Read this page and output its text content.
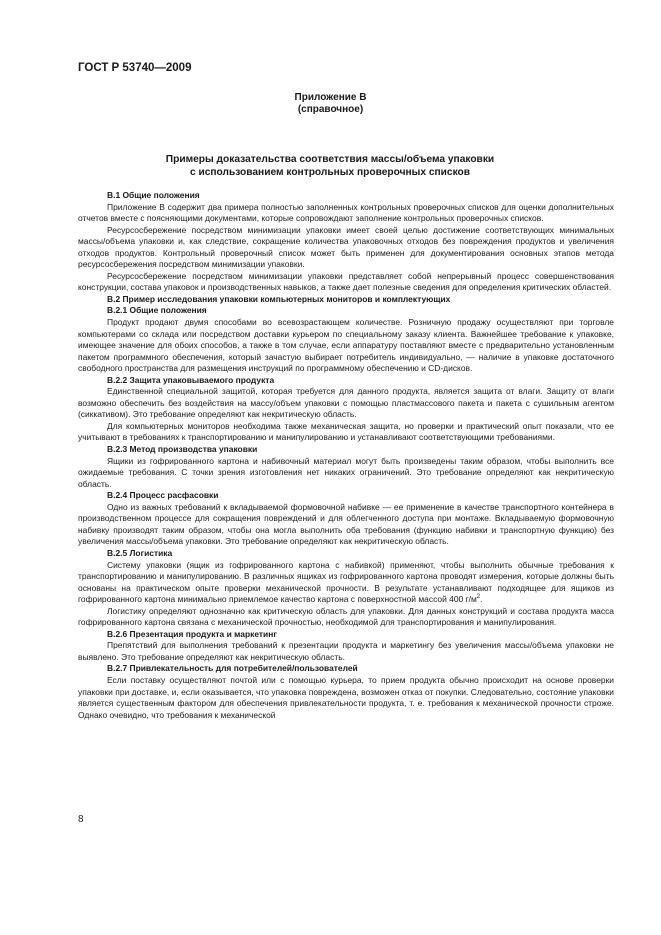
ГОСТ Р 53740—2009
Приложение В
(справочное)
Примеры доказательства соответствия массы/объема упаковки
с использованием контрольных проверочных списков
В.1 Общие положения

Приложение В содержит два примера полностью заполненных контрольных проверочных списков для оценки дополнительных отчетов вместе с поясняющими документами, которые сопровождают заполнение контрольных проверочных списков.

Ресурсосбережение посредством минимизации упаковки имеет своей целью достижение соответствующих минимальных массы/объема упаковки и, как следствие, сокращение количества упаковочных отходов без повреждения продуктов и увеличения отходов продуктов. Контрольный проверочный список может быть применен для документирования основных этапов метода ресурсосбережения посредством минимизации упаковки.

Ресурсосбережение посредством минимизации упаковки представляет собой непрерывный процесс совершенствования конструкции, состава упаковок и производственных навыков, а также дает полезные сведения для определения критических областей.

В.2 Пример исследования упаковки компьютерных мониторов и комплектующих
В.2.1 Общие положения

Продукт продают двумя способами во всевозрастающем количестве. Розничную продажу осуществляют при торговле компьютерами со склада или посредством доставки курьером по специальному заказу клиента. Важнейшее требование к упаковке, имеющее значение для обоих способов, а также в том случае, если аппаратуру поставляют вместе с предварительно установленным пакетом программного обеспечения, который зачастую выбирает потребитель индивидуально, — наличие в упаковке достаточного свободного пространства для размещения инструкций по программному обеспечению и CD-дисков.

В.2.2 Защита упаковываемого продукта

Единственной специальной защитой, которая требуется для данного продукта, является защита от влаги. Защиту от влаги возможно обеспечить без воздействия на массу/объем упаковки с помощью пластмассового пакета и пакета с сушильным агентом (сиккативом). Это требование определяют как некритическую область.

Для компьютерных мониторов необходима также механическая защита, но проверки и практический опыт показали, что ее учитывают в требованиях к транспортированию и манипулированию и устанавливают соответствующими требованиями.

В.2.3 Метод производства упаковки

Ящики из гофрированного картона и набивочный материал могут быть произведены таким образом, чтобы выполнить все ожидаемые требования. С точки зрения изготовления нет никаких ограничений. Это требование определяют как некритическую область.

В.2.4 Процесс расфасовки

Одно из важных требований к вкладываемой формовочной набивке — ее применение в качестве транспортного контейнера в производственном процессе для сокращения повреждений и для облегченного доступа при монтаже. Вкладываемую формовочную набивку производят таким образом, чтобы она могла выполнить оба требования (функцию набивки и транспортную функцию) без увеличения массы/объема упаковки. Это требование определяют как некритическую область.

В.2.5 Логистика

Систему упаковки (ящик из гофрированного картона с набивкой) применяют, чтобы выполнить обычные требования к транспортированию и манипулированию. В различных ящиках из гофрированного картона проводят измерения, которые должны быть основаны на практическом опыте проверки механической прочности. В результате устанавливают подходящее для ящиков из гофрированного картона минимально приемлемое качество картона с поверхностной массой 400 $г/м^2$.

Логистику определяют однозначно как критическую область для упаковки. Для данных конструкций и состава продукта масса гофрированного картона связана с механической прочностью, необходимой для транспортирования и манипулирования.

В.2.6 Презентация продукта и маркетинг

Препятствий для выполнения требований к презентации продукта и маркетингу без увеличения массы/объема упаковки не выявлено. Это требование определяют как некритическую область.

В.2.7 Привлекательность для потребителей/пользователей

Если поставку осуществляют почтой или с помощью курьера, то прием продукта обычно происходит на основе проверки упаковки при доставке, и, если оказывается, что упаковка повреждена, возможен отказ от покупки. Следовательно, состояние упаковки является существенным фактором для обеспечения привлекательности продукта, т. е. требования к механической прочности строже. Однако очевидно, что требования к механической

8
